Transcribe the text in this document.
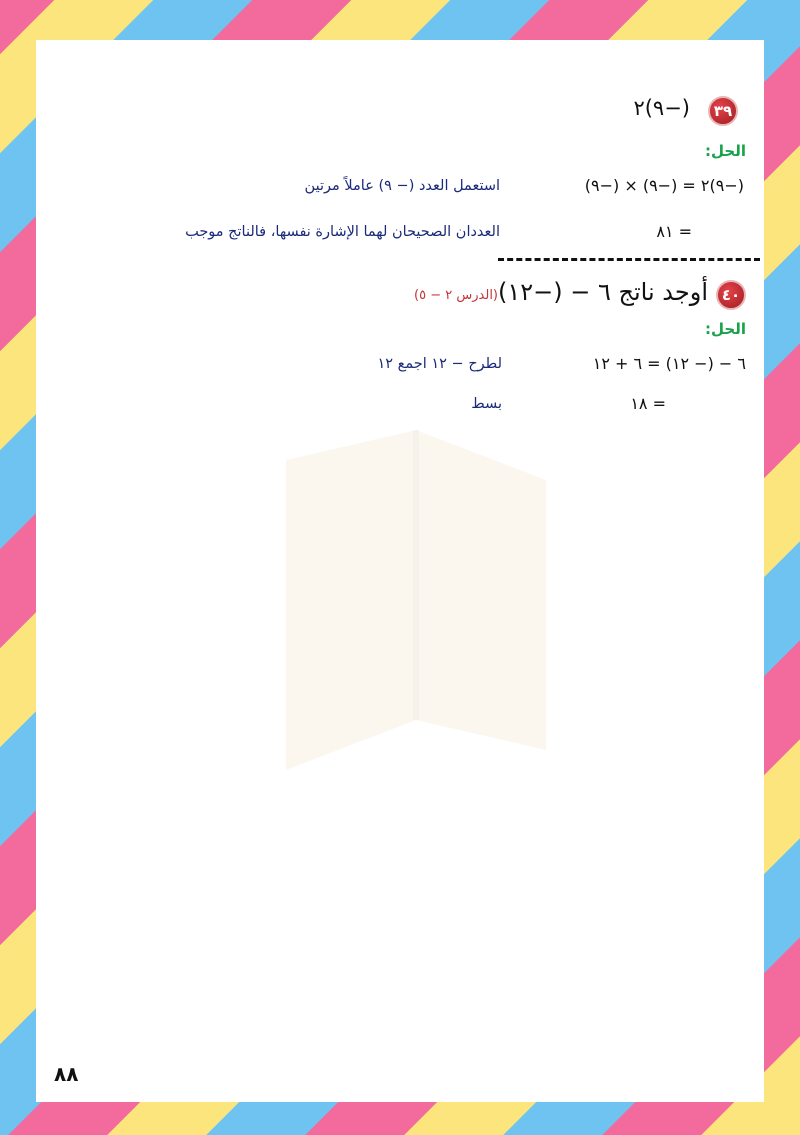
٣٩
(−٩)٢
الحل:
(−٩)٢ = (−٩) × (−٩)
استعمل العدد (− ٩) عاملاً مرتين
= ٨١
العددان الصحيحان لهما الإشارة نفسها، فالناتج موجب
٤٠
أوجد ناتج ٦ − (−١٢)
(الدرس ٢ − ٥)
الحل:
٦ − (− ١٢) = ٦ + ١٢
لطرح − ١٢ اجمع ١٢
= ١٨
بسط
٨٨
